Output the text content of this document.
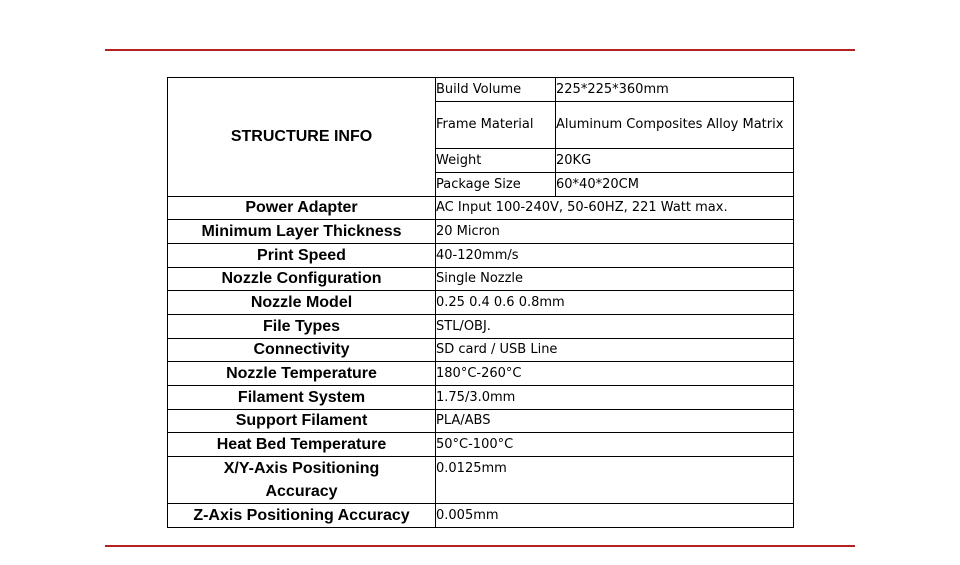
STRUCTURE INFO	Build Volume	225*225*360mm
	Frame Material	Aluminum Composites Alloy Matrix
	Weight	20KG
	Package Size	60*40*20CM
Power Adapter	AC Input 100-240V, 50-60HZ, 221 Watt max.	
Minimum Layer Thickness	20 Micron	
Print Speed	40-120mm/s	
Nozzle Configuration	Single Nozzle	
Nozzle Model	0.25 0.4 0.6 0.8mm	
File Types	STL/OBJ.	
Connectivity	SD card / USB Line	
Nozzle Temperature	180°C-260°C	
Filament System	1.75/3.0mm	
Support Filament	PLA/ABS	
Heat Bed Temperature	50°C-100°C	
X/Y-Axis Positioning Accuracy	0.0125mm	
Z-Axis Positioning Accuracy	0.005mm	
